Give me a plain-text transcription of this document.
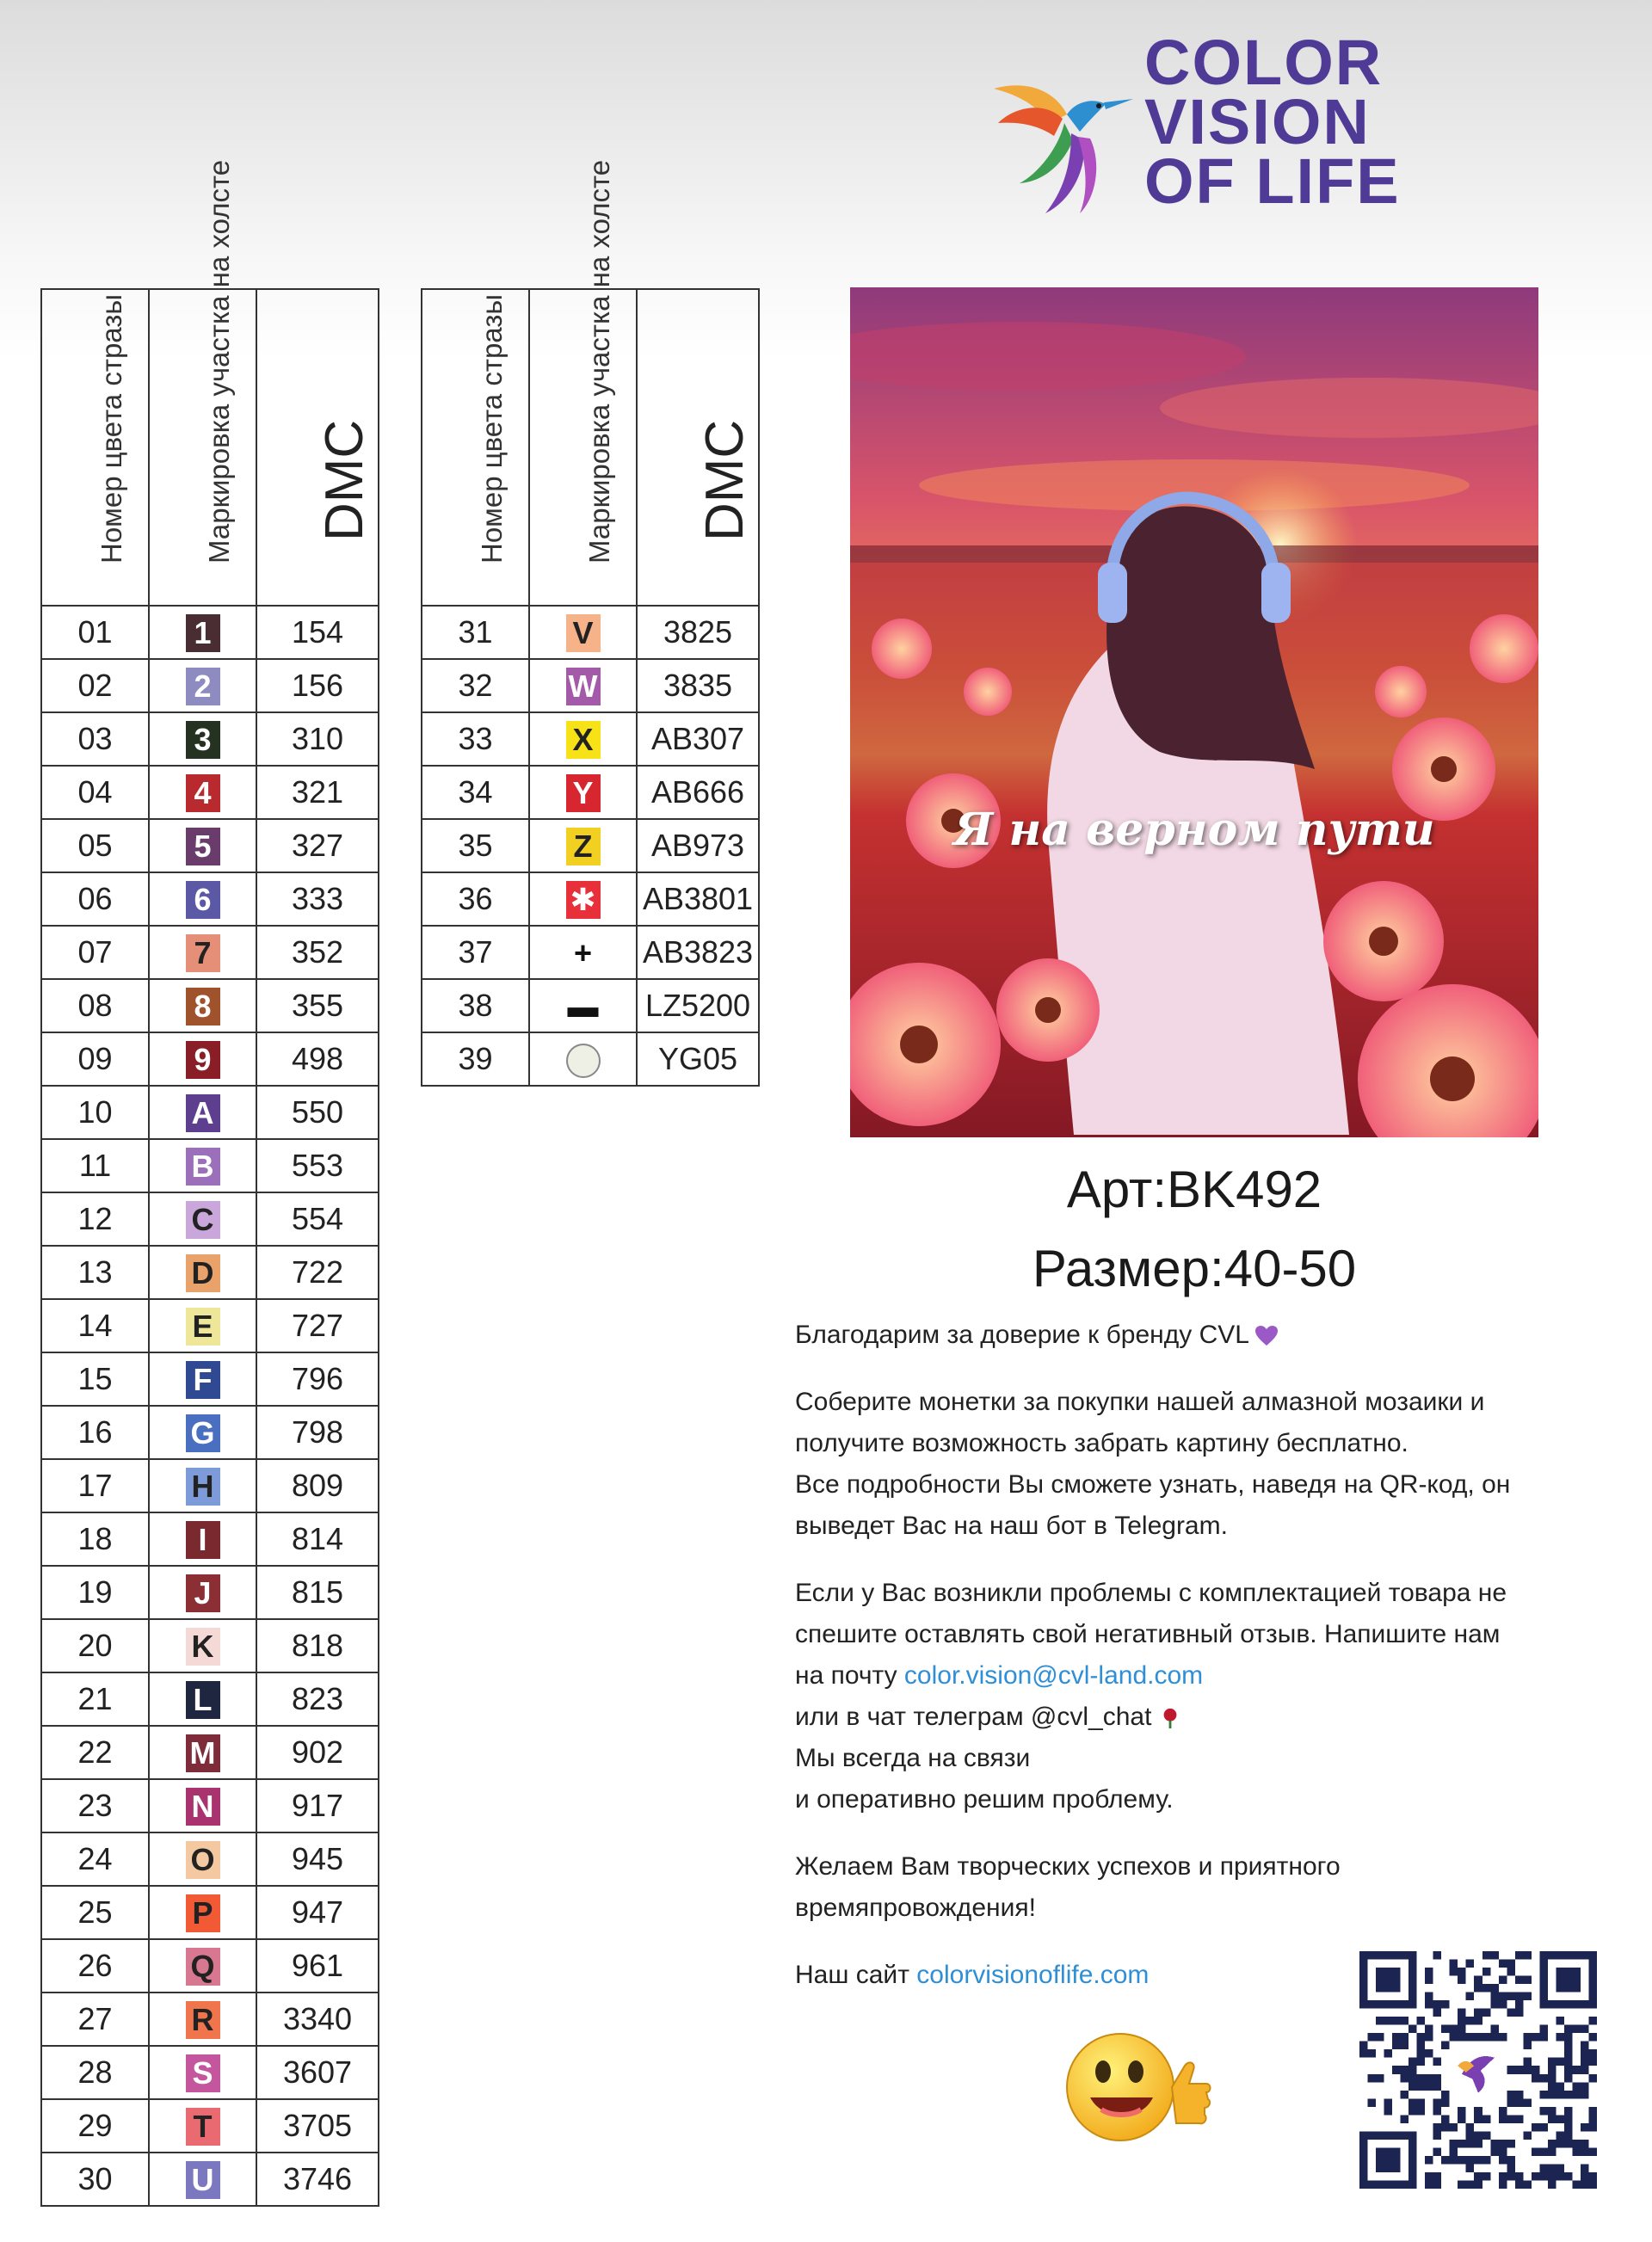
COLOR
VISION
OF LIFE
Номер цвета стразы	Маркировка участка на холсте	DMC

01	1	154
02	2	156
03	3	310
04	4	321
05	5	327
06	6	333
07	7	352
08	8	355
09	9	498
10	A	550
11	B	553
12	C	554
13	D	722
14	E	727
15	F	796
16	G	798
17	H	809
18	I	814
19	J	815
20	K	818
21	L	823
22	M	902
23	N	917
24	O	945
25	P	947
26	Q	961
27	R	3340
28	S	3607
29	T	3705
30	U	3746
Номер цвета стразы	Маркировка участка на холсте	DMC

31	V	3825
32	W	3835
33	X	AB307
34	Y	AB666
35	Z	AB973
36	✱	AB3801
37	+	AB3823
38	▬	LZ5200
39		YG05
Я на верном пути
Арт:BK492
Размер:40-50

Благодарим за доверие к бренду CVL

Соберите монетки за покупки нашей алмазной мозаики и
получите возможность забрать картину бесплатно.
Все подробности Вы сможете узнать, наведя на QR-код, он
выведет Вас на наш бот в Telegram.

Если у Вас возникли проблемы с комплектацией товара не
спешите оставлять свой негативный отзыв. Напишите нам
на почту color.vision@cvl-land.com
или в чат телеграм @cvl_chat
Мы всегда на связи
и оперативно решим проблему.

Желаем Вам творческих успехов и приятного
времяпровождения!

Наш сайт colorvisionoflife.com
